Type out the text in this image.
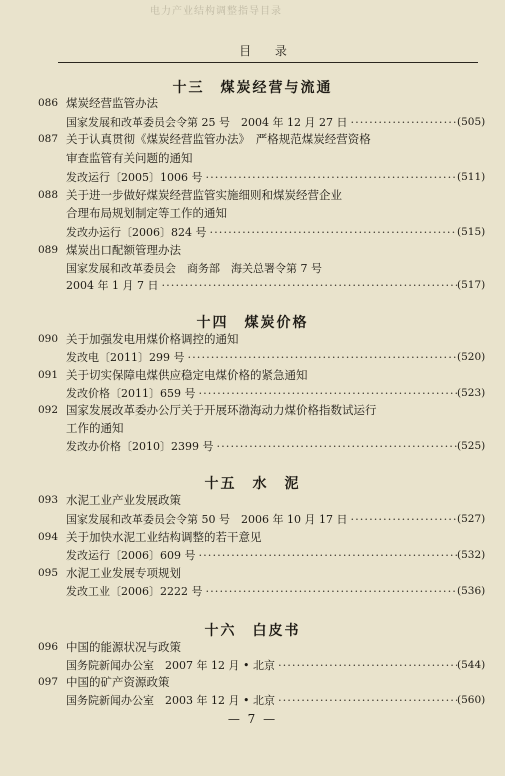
电力产业结构调整指导目录
目 录
十三　煤炭经营与流通
086 煤炭经营监管办法
国家发展和改革委员会令第 25 号　2004 年 12 月 27 日	(505)
·····
087 关于认真贯彻《煤炭经营监管办法》　严格规范煤炭经营资格
审查监管有关问题的通知
发改运行〔2005〕1006 号	(511)
·····
088 关于进一步做好煤炭经营监管实施细则和煤炭经营企业
合理布局规划制定等工作的通知
发改办运行〔2006〕824 号	(515)
·····
089 煤炭出口配额管理办法
国家发展和改革委员会　商务部　海关总署令第 7 号
2004 年 1 月 7 日	(517)
·····
十四　煤炭价格
090 关于加强发电用煤价格调控的通知
发改电〔2011〕299 号	(520)
·····
091 关于切实保障电煤供应稳定电煤价格的紧急通知
发改价格〔2011〕659 号	(523)
·····
092 国家发展改革委办公厅关于开展环渤海动力煤价格指数试运行
工作的通知
发改办价格〔2010〕2399 号	(525)
·····
十五　水　泥
093 水泥工业产业发展政策
国家发展和改革委员会令第 50 号　2006 年 10 月 17 日	(527)
·····
094 关于加快水泥工业结构调整的若干意见
发改运行〔2006〕609 号	(532)
·····
095 水泥工业发展专项规划
发改工业〔2006〕2222 号	(536)
·····
十六　白皮书
096 中国的能源状况与政策
国务院新闻办公室　2007 年 12 月 • 北京	(544)
·····
097 中国的矿产资源政策
国务院新闻办公室　2003 年 12 月 • 北京	(560)
·····
— 7 —
